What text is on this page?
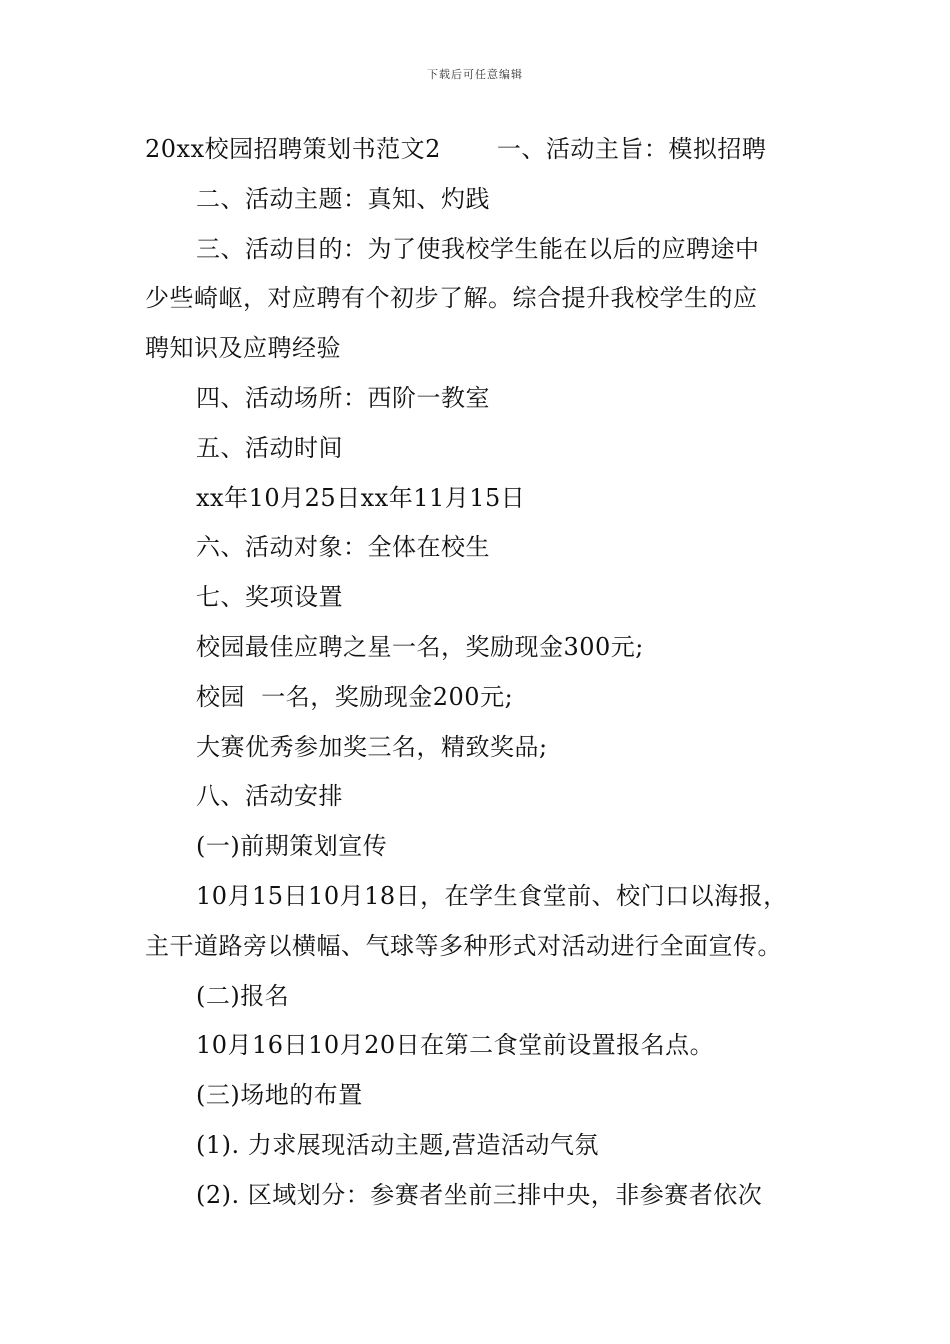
下载后可任意编辑
20xx校园招聘策划书范文2 一、活动主旨：模拟招聘
二、活动主题：真知、灼践
三、活动目的：为了使我校学生能在以后的应聘途中
少些崎岖，对应聘有个初步了解。综合提升我校学生的应
聘知识及应聘经验
四、活动场所：西阶一教室
五、活动时间
xx年10月25日xx年11月15日
六、活动对象：全体在校生
七、奖项设置
校园最佳应聘之星一名，奖励现金300元;
校园  一名，奖励现金200元;
大赛优秀参加奖三名，精致奖品;
八、活动安排
(一)前期策划宣传
10月15日10月18日，在学生食堂前、校门口以海报，
主干道路旁以横幅、气球等多种形式对活动进行全面宣传。
(二)报名
10月16日10月20日在第二食堂前设置报名点。
(三)场地的布置
(1). 力求展现活动主题,营造活动气氛
(2). 区域划分：参赛者坐前三排中央，非参赛者依次
